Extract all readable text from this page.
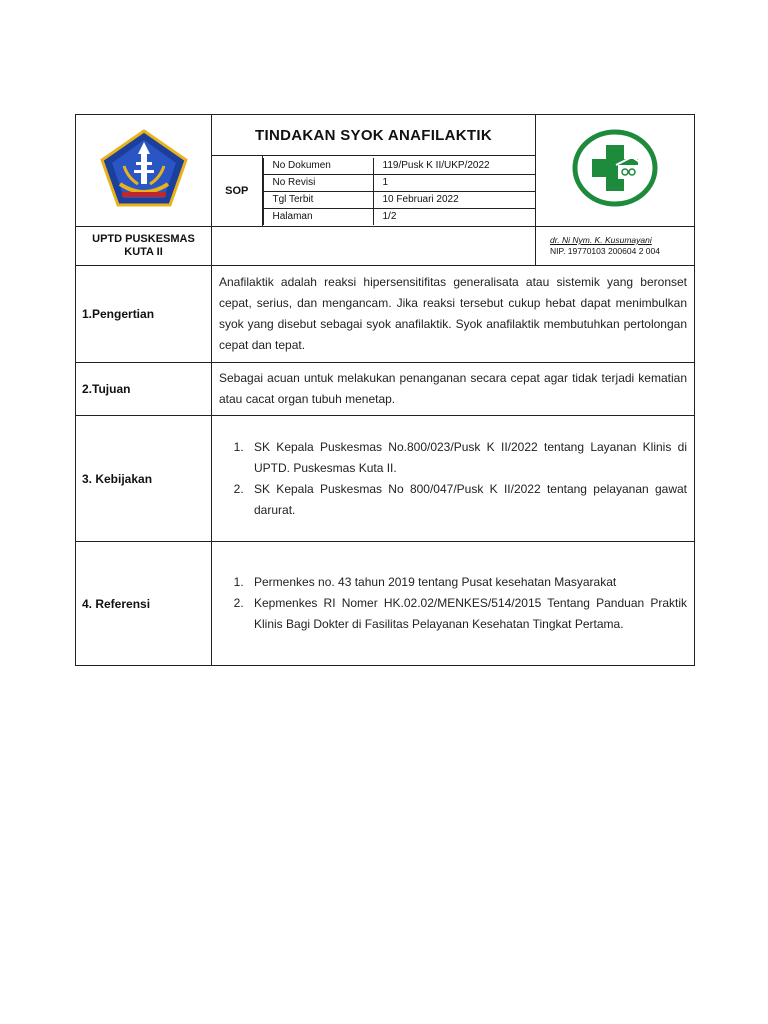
TINDAKAN SYOK ANAFILAKTIK
SOP	
No Dokumen	119/Pusk K II/UKP/2022
No Revisi	1
Tgl Terbit	10 Februari 2022
Halaman	1/2

UPTD PUSKESMAS
KUTA II

dr. Ni Nym. K. Kusumayani
NIP. 19770103 200604 2 004

1.Pengertian	Anafilaktik adalah reaksi hipersensitifitas generalisata atau sistemik yang beronset cepat, serius, dan mengancam. Jika reaksi tersebut cukup hebat dapat menimbulkan syok yang disebut sebagai syok anafilaktik. Syok anafilaktik membutuhkan pertolongan cepat dan tepat.
2.Tujuan	Sebagai acuan untuk melakukan penanganan secara cepat agar tidak terjadi kematian atau cacat organ tubuh menetap.
3. Kebijakan	
1. SK Kepala Puskesmas No.800/023/Pusk K II/2022 tentang Layanan Klinis di UPTD. Puskesmas Kuta II.
2. SK Kepala Puskesmas No 800/047/Pusk K II/2022 tentang pelayanan gawat darurat.

4. Referensi	
1. Permenkes no. 43 tahun 2019 tentang Pusat kesehatan Masyarakat
2. Kepmenkes RI Nomer HK.02.02/MENKES/514/2015 Tentang Panduan Praktik Klinis Bagi Dokter di Fasilitas Pelayanan Kesehatan Tingkat Pertama.
